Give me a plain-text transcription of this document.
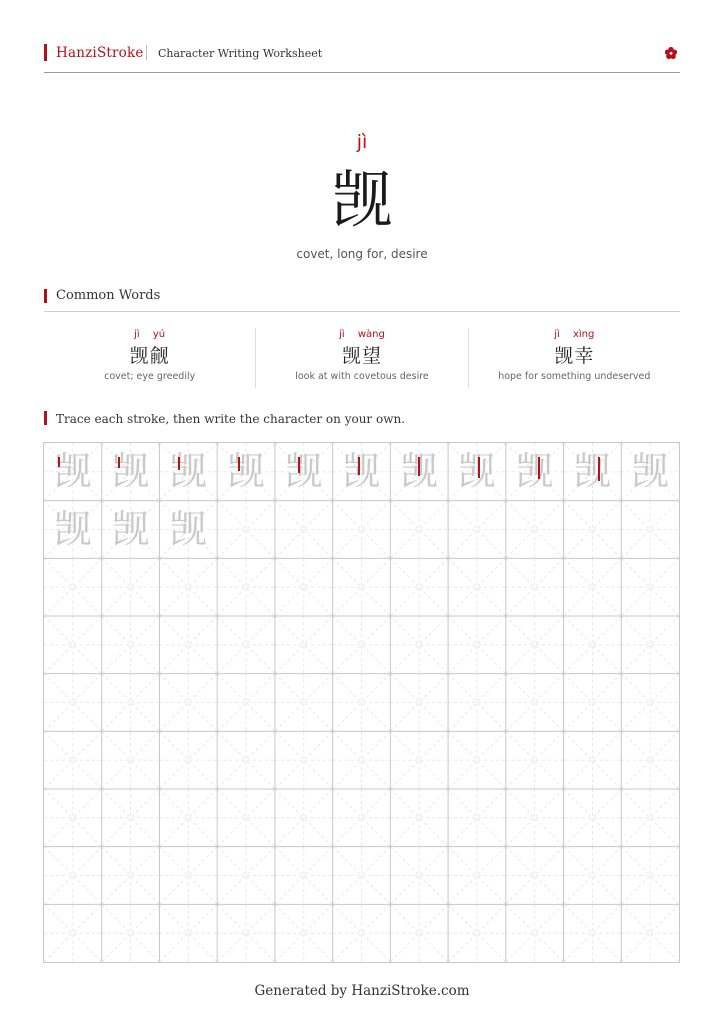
HanziStroke Character Writing Worksheet
jì
觊
covet, long for, desire
Common Words
jì yú
觊觎
covet; eye greedily
jì wàng
觊望
look at with covetous desire
jì xìng
觊幸
hope for something undeserved
Trace each stroke, then write the character on your own.
觊 觊 觊 觊 觊 觊 觊 觊 觊 觊 觊
觊 觊 觊
Generated by HanziStroke.com
